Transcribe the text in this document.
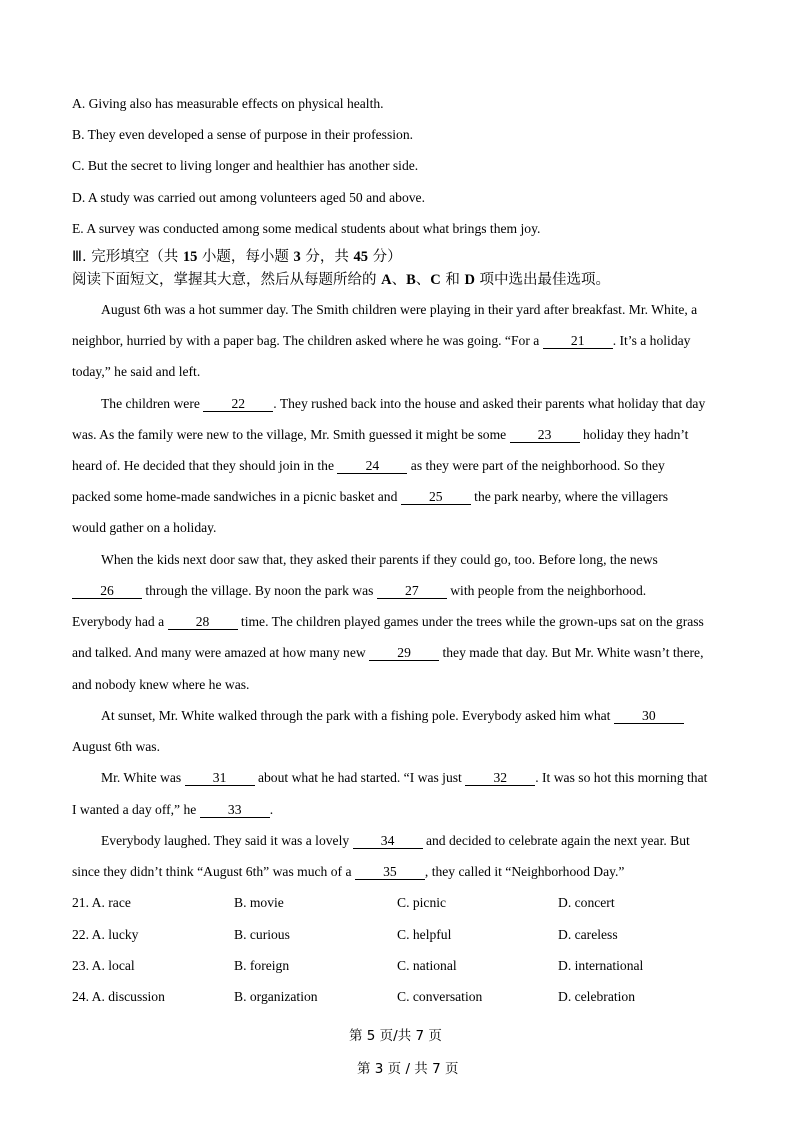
A. Giving also has measurable effects on physical health.
B. They even developed a sense of purpose in their profession.
C. But the secret to living longer and healthier has another side.
D. A study was carried out among volunteers aged 50 and above.
E. A survey was conducted among some medical students about what brings them joy.
Ⅲ. 完形填空（共 15 小题，每小题 3 分，共 45 分）
阅读下面短文，掌握其大意，然后从每题所给的 A、B、C 和 D 项中选出最佳选项。
August 6th was a hot summer day. The Smith children were playing in their yard after breakfast. Mr. White, a
neighbor, hurried by with a paper bag. The children asked where he was going. “For a 21 . It’s a holiday
today,” he said and left.
The children were 22 . They rushed back into the house and asked their parents what holiday that day
was. As the family were new to the village, Mr. Smith guessed it might be some 23 holiday they hadn’t
heard of. He decided that they should join in the 24 as they were part of the neighborhood. So they
packed some home-made sandwiches in a picnic basket and 25 the park nearby, where the villagers
would gather on a holiday.
When the kids next door saw that, they asked their parents if they could go, too. Before long, the news
26 through the village. By noon the park was 27 with people from the neighborhood.
Everybody had a 28 time. The children played games under the trees while the grown-ups sat on the grass
and talked. And many were amazed at how many new 29 they made that day. But Mr. White wasn’t there,
and nobody knew where he was.
At sunset, Mr. White walked through the park with a fishing pole. Everybody asked him what 30
August 6th was.
Mr. White was 31 about what he had started. “I was just 32 . It was so hot this morning that
I wanted a day off,” he 33 .
Everybody laughed. They said it was a lovely 34 and decided to celebrate again the next year. But
since they didn’t think “August 6th” was much of a 35 , they called it “Neighborhood Day.”
21. A. race	B. movie	C. picnic	D. concert
22. A. lucky	B. curious	C. helpful	D. careless
23. A. local	B. foreign	C. national	D. international
24. A. discussion	B. organization	C. conversation	D. celebration
第 5 页/共 7 页
第 3 页 / 共 7 页
